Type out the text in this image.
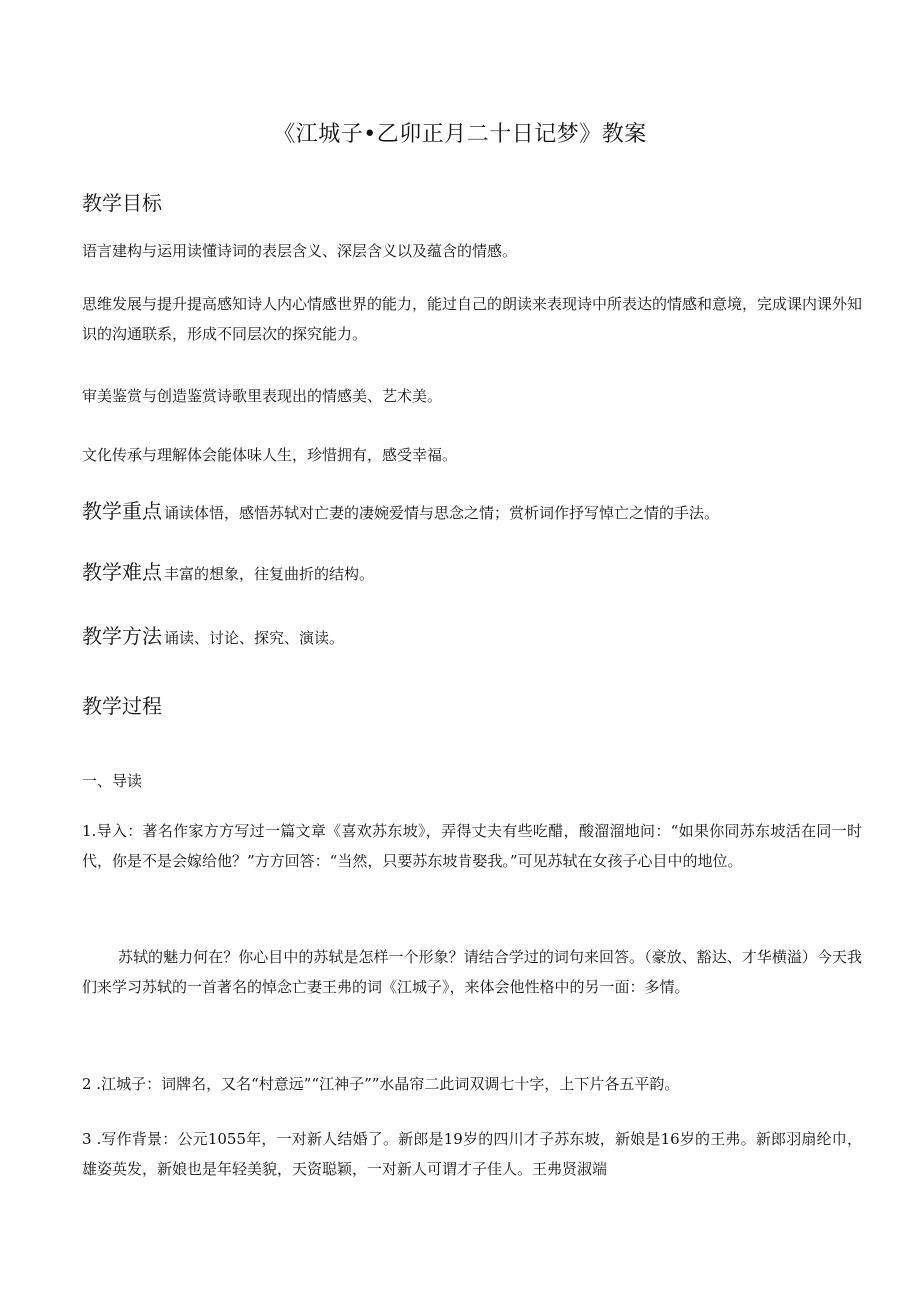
《江城子•乙卯正月二十日记梦》教案
教学目标
语言建构与运用读懂诗词的表层含义、深层含义以及蕴含的情感。
思维发展与提升提高感知诗人内心情感世界的能力，能过自己的朗读来表现诗中所表达的情感和意境，完成课内课外知识的沟通联系，形成不同层次的探究能力。
审美鉴赏与创造鉴赏诗歌里表现出的情感美、艺术美。
文化传承与理解体会能体味人生，珍惜拥有，感受幸福。
教学重点 诵读体悟，感悟苏轼对亡妻的凄婉爱情与思念之情；赏析词作抒写悼亡之情的手法。
教学难点 丰富的想象，往复曲折的结构。
教学方法 诵读、讨论、探究、演读。
教学过程
一、导读
1.导入：著名作家方方写过一篇文章《喜欢苏东坡》，弄得丈夫有些吃醋，酸溜溜地问：“如果你同苏东坡活在同一时代，你是不是会嫁给他？”方方回答：“当然，只要苏东坡肯娶我。”可见苏轼在女孩子心目中的地位。
苏轼的魅力何在？你心目中的苏轼是怎样一个形象？请结合学过的词句来回答。（豪放、豁达、才华横溢）今天我们来学习苏轼的一首著名的悼念亡妻王弗的词《江城子》，来体会他性格中的另一面：多情。
2 .江城子：词牌名，又名“村意远”“江神子””水晶帘二此词双调七十字，上下片各五平韵。
3 .写作背景：公元1055年，一对新人结婚了。新郎是19岁的四川才子苏东坡，新娘是16岁的王弗。新郎羽扇纶巾，雄姿英发，新娘也是年轻美貌，天资聪颖，一对新人可谓才子佳人。王弗贤淑端
